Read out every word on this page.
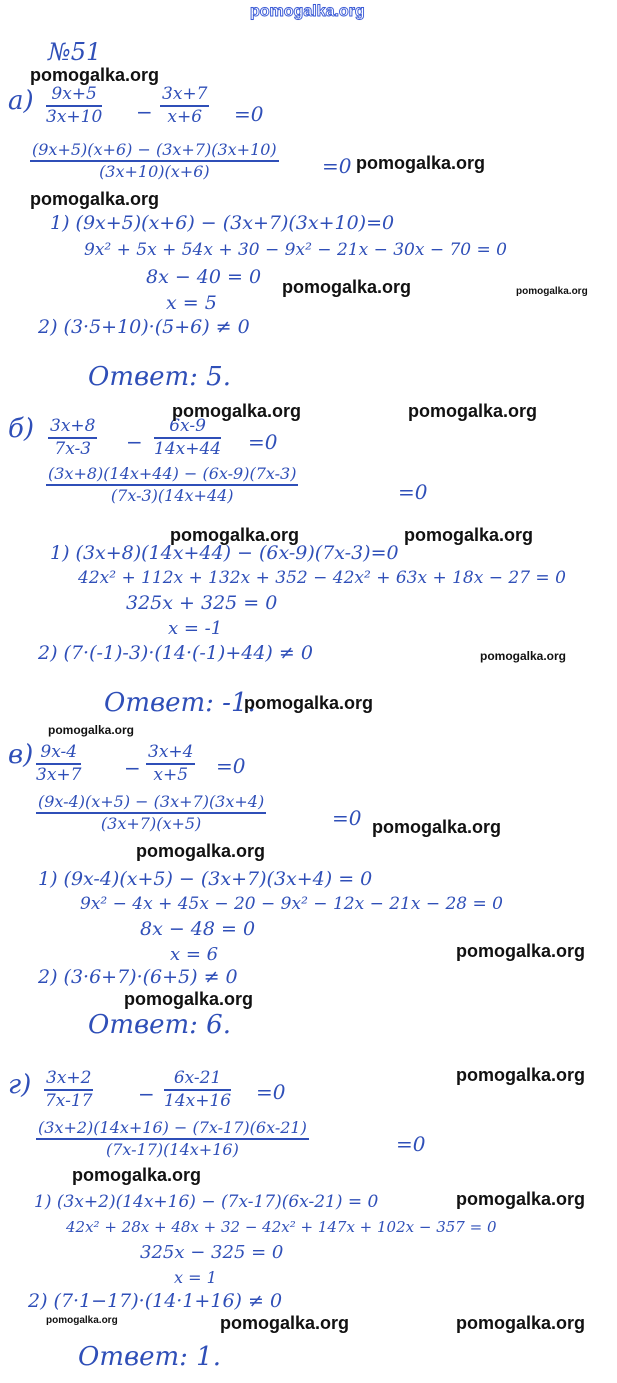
pomogalka.org
№51
$а) \frac{9x+5}{3x+10} - \frac{3x+7}{x+6} =0$
$\frac{(9x+5)(x+6) - (3x+7)(3x+10)}{(3x+10)(x+6)} =0$
1) (9x+5)(x+6) − (3x+7)(3x+10)=0
9x² + 5x + 54x + 30 − 9x² − 21x − 30x − 70 = 0
8x − 40 = 0
x = 5
2) (3·5+10)·(5+6) ≠ 0
Ответ: 5.
$б) \frac{3x+8}{7x-3} - \frac{6x-9}{14x+44} =0$
$\frac{(3x+8)(14x+44) - (6x-9)(7x-3)}{(7x-3)(14x+44)}$	=0
1) (3x+8)(14x+44) − (6x-9)(7x-3)=0
42x² + 112x + 132x + 352 − 42x² + 63x + 18x − 27 = 0
325x + 325 = 0
x = -1
2) (7·(-1)-3)·(14·(-1)+44) ≠ 0
Ответ: -1.
$в) \frac{9x-4}{3x+7} - \frac{3x+4}{x+5} =0$
$\frac{(9x-4)(x+5) - (3x+7)(3x+4)}{(3x+7)(x+5)}$	=0
1) (9x-4)(x+5) − (3x+7)(3x+4) = 0
9x² − 4x + 45x − 20 − 9x² − 12x − 21x − 28 = 0
8x − 48 = 0
x = 6
2) (3·6+7)·(6+5) ≠ 0
Ответ: 6.
$г) \frac{3x+2}{7x-17} - \frac{6x-21}{14x+16} =0$
$\frac{(3x+2)(14x+16) - (7x-17)(6x-21)}{(7x-17)(14x+16)}$	=0
1) (3x+2)(14x+16) − (7x-17)(6x-21) = 0
42x² + 28x + 48x + 32 − 42x² + 147x + 102x − 357 = 0
325x − 325 = 0
x = 1
2) (7·1−17)·(14·1+16) ≠ 0
Ответ: 1.
pomogalka.org
pomogalka.org
pomogalka.org
pomogalka.org	pomogalka.org
pomogalka.org	pomogalka.org
pomogalka.org	pomogalka.org
pomogalka.org
pomogalka.org
pomogalka.org
pomogalka.org
pomogalka.org
pomogalka.org
pomogalka.org
pomogalka.org
pomogalka.org
pomogalka.org
pomogalka.org	pomogalka.org	pomogalka.org
